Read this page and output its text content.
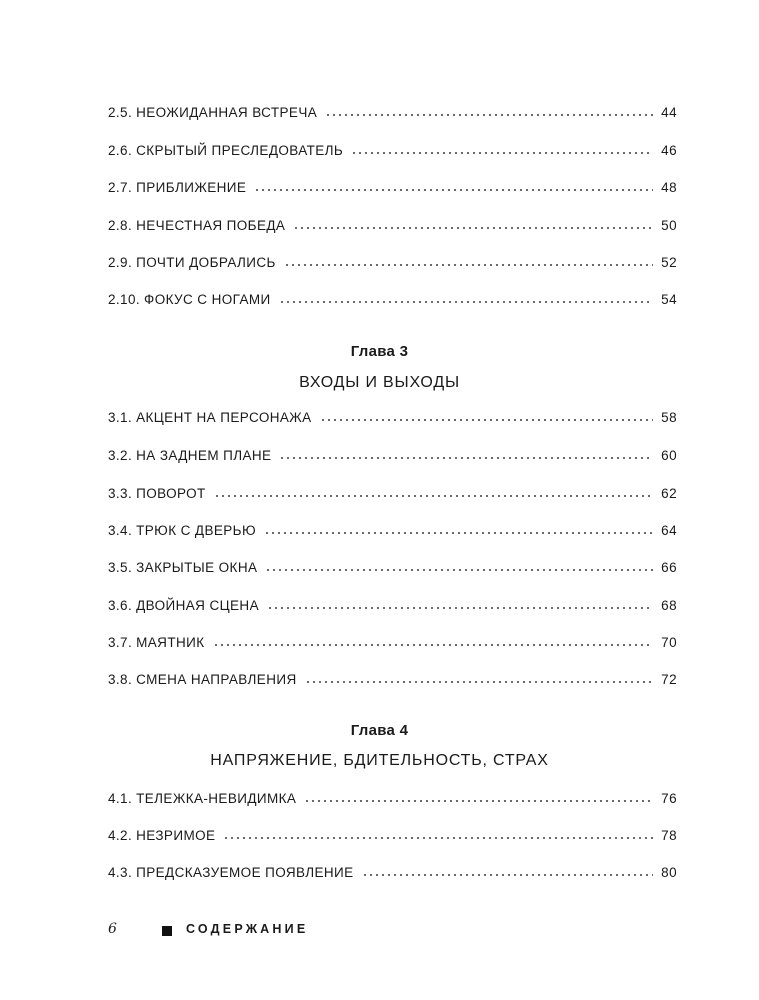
2.5. НЕОЖИДАННАЯ ВСТРЕЧА	44
2.6. СКРЫТЫЙ ПРЕСЛЕДОВАТЕЛЬ	46
2.7. ПРИБЛИЖЕНИЕ	48
2.8. НЕЧЕСТНАЯ ПОБЕДА	50
2.9. ПОЧТИ ДОБРАЛИСЬ	52
2.10. ФОКУС С НОГАМИ	54
Глава 3
ВХОДЫ И ВЫХОДЫ
3.1. АКЦЕНТ НА ПЕРСОНАЖА	58
3.2. НА ЗАДНЕМ ПЛАНЕ	60
3.3. ПОВОРОТ	62
3.4. ТРЮК С ДВЕРЬЮ	64
3.5. ЗАКРЫТЫЕ ОКНА	66
3.6. ДВОЙНАЯ СЦЕНА	68
3.7. МАЯТНИК	70
3.8. СМЕНА НАПРАВЛЕНИЯ	72
Глава 4
НАПРЯЖЕНИЕ, БДИТЕЛЬНОСТЬ, СТРАХ
4.1. ТЕЛЕЖКА-НЕВИДИМКА	76
4.2. НЕЗРИМОЕ	78
4.3. ПРЕДСКАЗУЕМОЕ ПОЯВЛЕНИЕ	80
6	СОДЕРЖАНИЕ
